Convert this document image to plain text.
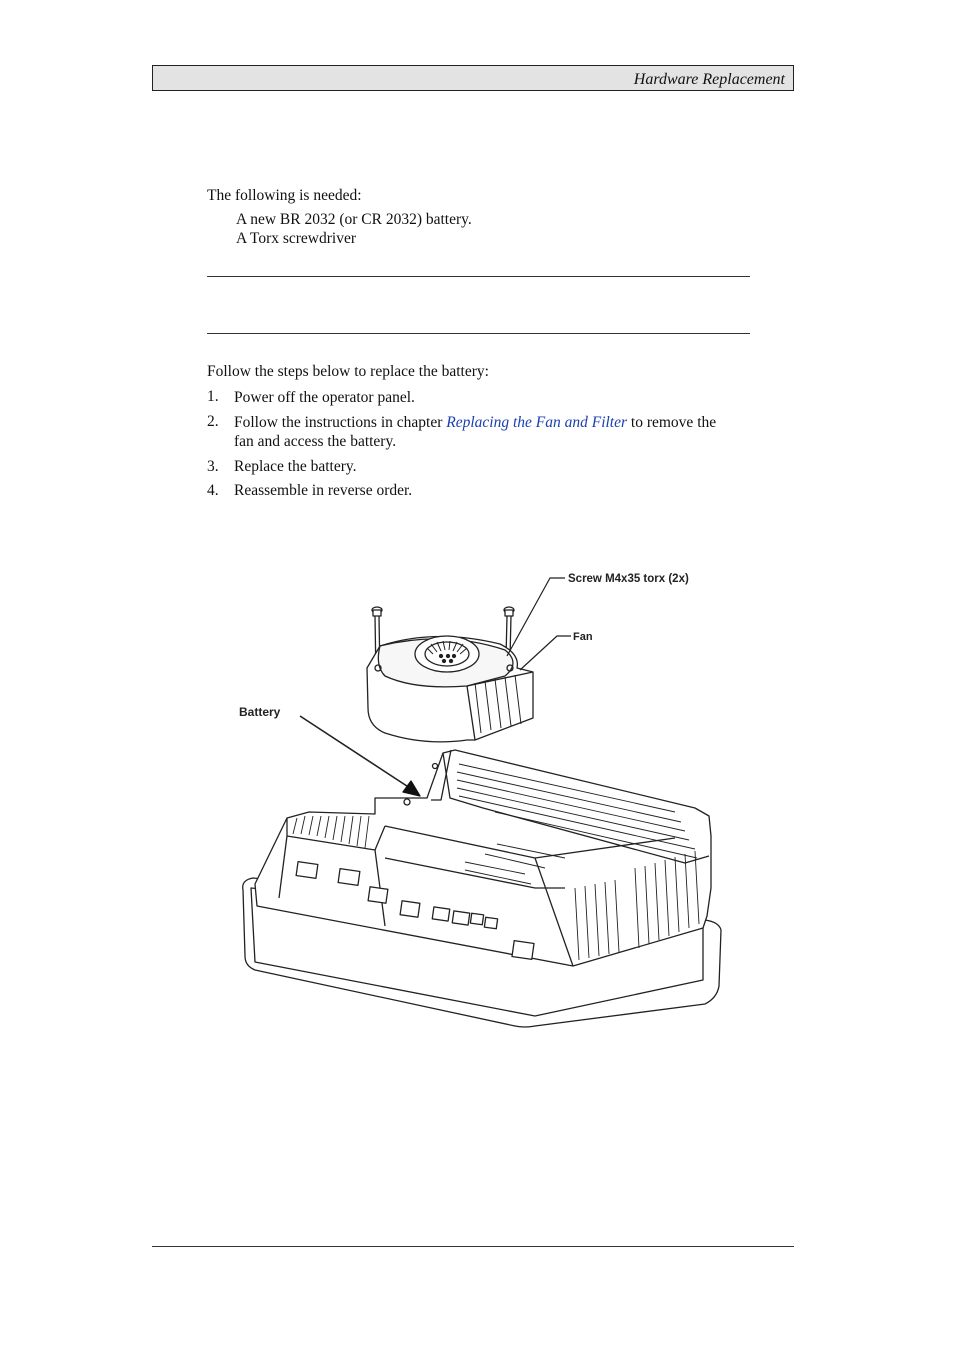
Hardware Replacement
The following is needed:
A new BR 2032 (or CR 2032) battery.
A Torx screwdriver
Follow the steps below to replace the battery:
1. Power off the operator panel.
2. Follow the instructions in chapter Replacing the Fan and Filter to remove the
fan and access the battery.
3. Replace the battery.
4. Reassemble in reverse order.
Screw M4x35 torx (2x)
Fan
Battery
